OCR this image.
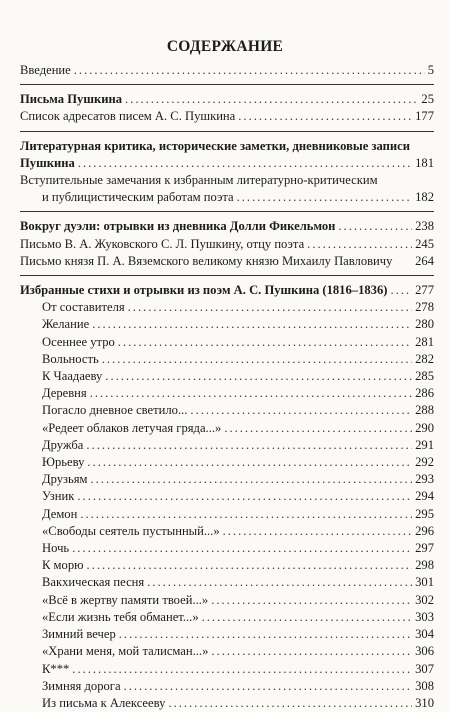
СОДЕРЖАНИЕ
Введение .....	5
Письма Пушкина .....	25
Список адресатов писем А. С. Пушкина .....	177
Литературная критика, исторические заметки, дневниковые записи
Пушкина .....	181
Вступительные замечания к избранным литературно-критическим
и публицистическим работам поэта .....	182
Вокруг дуэли: отрывки из дневника Долли Фикельмон .....	238
Письмо В. А. Жуковского С. Л. Пушкину, отцу поэта .....	245
Письмо князя П. А. Вяземского великому князю Михаилу Павловичу 264
Избранные стихи и отрывки из поэм А. С. Пушкина (1816–1836) ..... 277
От составителя .....	278
Желание .....	280
Осеннее утро .....	281
Вольность .....	282
К Чаадаеву .....	285
Деревня .....	286
Погасло дневное светило... .....	288
«Редеет облаков летучая гряда...» .....	290
Дружба .....	291
Юрьеву .....	292
Друзьям .....	293
Узник .....	294
Демон .....	295
«Свободы сеятель пустынный...» .....	296
Ночь .....	297
К морю .....	298
Вакхическая песня .....	301
«Всё в жертву памяти твоей...» .....	302
«Если жизнь тебя обманет...» .....	303
Зимний вечер .....	304
«Храни меня, мой талисман...» .....	306
К*** .....	307
Зимняя дорога .....	308
Из письма к Алексееву .....	310
